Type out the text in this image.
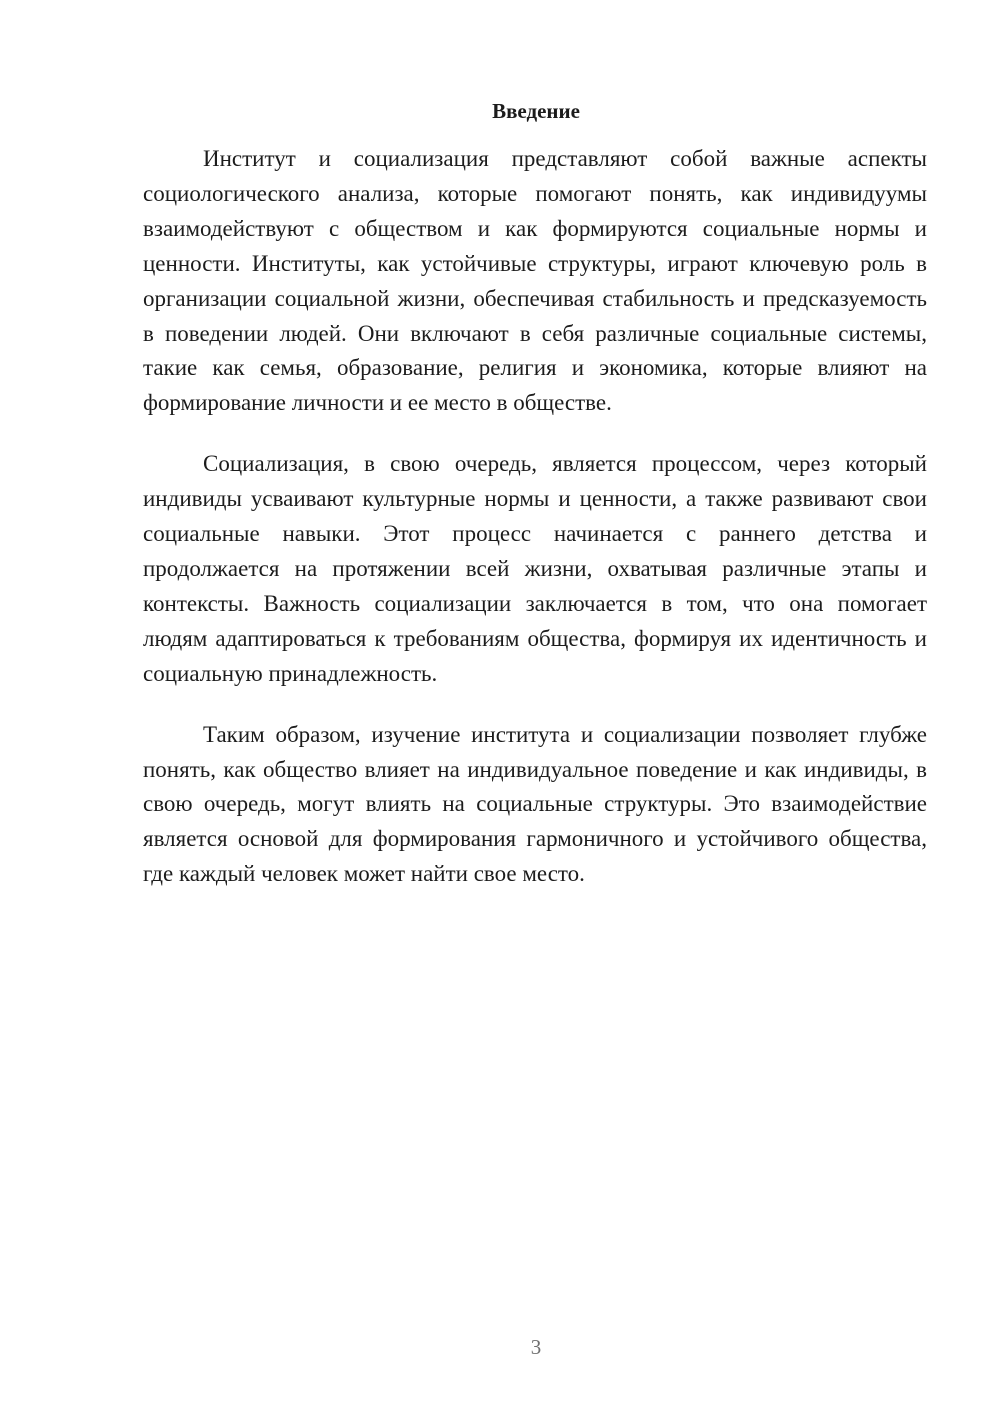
Введение

Институт и социализация представляют собой важные аспекты социологического анализа, которые помогают понять, как индивидуумы взаимодействуют с обществом и как формируются социальные нормы и ценности. Институты, как устойчивые структуры, играют ключевую роль в организации социальной жизни, обеспечивая стабильность и предсказуемость в поведении людей. Они включают в себя различные социальные системы, такие как семья, образование, религия и экономика, которые влияют на формирование личности и ее место в обществе.

Социализация, в свою очередь, является процессом, через который индивиды усваивают культурные нормы и ценности, а также развивают свои социальные навыки. Этот процесс начинается с раннего детства и продолжается на протяжении всей жизни, охватывая различные этапы и контексты. Важность социализации заключается в том, что она помогает людям адаптироваться к требованиям общества, формируя их идентичность и социальную принадлежность.

Таким образом, изучение института и социализации позволяет глубже понять, как общество влияет на индивидуальное поведение и как индивиды, в свою очередь, могут влиять на социальные структуры. Это взаимодействие является основой для формирования гармоничного и устойчивого общества, где каждый человек может найти свое место.

3
